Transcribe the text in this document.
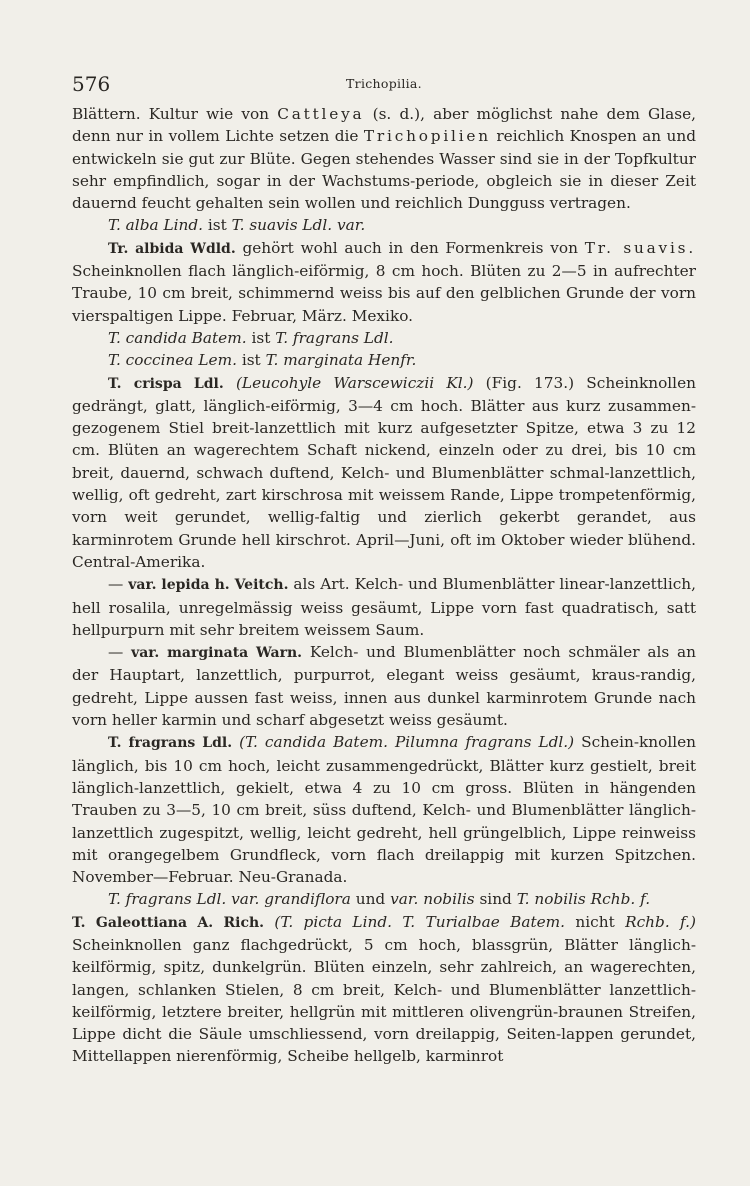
576	Trichopilia.

Blättern. Kultur wie von Cattleya (s. d.), aber möglichst nahe dem Glase, denn nur in vollem Lichte setzen die Trichopilien reichlich Knospen an und entwickeln sie gut zur Blüte. Gegen stehendes Wasser sind sie in der Topfkultur sehr empfindlich, sogar in der Wachstums-periode, obgleich sie in dieser Zeit dauernd feucht gehalten sein wollen und reichlich Dungguss vertragen.

T. alba Lind. ist T. suavis Ldl. var.

Tr. albida Wdld. gehört wohl auch in den Formenkreis von Tr. suavis. Scheinknollen flach länglich-eiförmig, 8 cm hoch. Blüten zu 2—5 in aufrechter Traube, 10 cm breit, schimmernd weiss bis auf den gelblichen Grunde der vorn vierspaltigen Lippe. Februar, März. Mexiko.

T. candida Batem. ist T. fragrans Ldl.

T. coccinea Lem. ist T. marginata Henfr.

T. crispa Ldl. (Leucohyle Warscewiczii Kl.) (Fig. 173.) Scheinknollen gedrängt, glatt, länglich-eiförmig, 3—4 cm hoch. Blätter aus kurz zusammen-gezogenem Stiel breit-lanzettlich mit kurz aufgesetzter Spitze, etwa 3 zu 12 cm. Blüten an wagerechtem Schaft nickend, einzeln oder zu drei, bis 10 cm breit, dauernd, schwach duftend, Kelch- und Blumenblätter schmal-lanzettlich, wellig, oft gedreht, zart kirschrosa mit weissem Rande, Lippe trompetenförmig, vorn weit gerundet, wellig-faltig und zierlich gekerbt gerandet, aus karminrotem Grunde hell kirschrot. April—Juni, oft im Oktober wieder blühend. Central-Amerika.

— var. lepida h. Veitch. als Art. Kelch- und Blumenblätter linear-lanzettlich, hell rosalila, unregelmässig weiss gesäumt, Lippe vorn fast quadratisch, satt hellpurpurn mit sehr breitem weissem Saum.

— var. marginata Warn. Kelch- und Blumenblätter noch schmäler als an der Hauptart, lanzettlich, purpurrot, elegant weiss gesäumt, kraus-randig, gedreht, Lippe aussen fast weiss, innen aus dunkel karminrotem Grunde nach vorn heller karmin und scharf abgesetzt weiss gesäumt.

T. fragrans Ldl. (T. candida Batem. Pilumna fragrans Ldl.) Schein-knollen länglich, bis 10 cm hoch, leicht zusammengedrückt, Blätter kurz gestielt, breit länglich-lanzettlich, gekielt, etwa 4 zu 10 cm gross. Blüten in hängenden Trauben zu 3—5, 10 cm breit, süss duftend, Kelch- und Blumenblätter länglich-lanzettlich zugespitzt, wellig, leicht gedreht, hell grüngelblich, Lippe reinweiss mit orangegelbem Grundfleck, vorn flach dreilappig mit kurzen Spitzchen. November—Februar. Neu-Granada.

T. fragrans Ldl. var. grandiflora und var. nobilis sind T. nobilis Rchb. f.

T. Galeottiana A. Rich. (T. picta Lind. T. Turialbae Batem. nicht Rchb. f.) Scheinknollen ganz flachgedrückt, 5 cm hoch, blassgrün, Blätter länglich-keilförmig, spitz, dunkelgrün. Blüten einzeln, sehr zahlreich, an wagerechten, langen, schlanken Stielen, 8 cm breit, Kelch- und Blumenblätter lanzettlich-keilförmig, letztere breiter, hellgrün mit mittleren olivengrün-braunen Streifen, Lippe dicht die Säule umschliessend, vorn dreilappig, Seiten-lappen gerundet, Mittellappen nierenförmig, Scheibe hellgelb, karminrot
